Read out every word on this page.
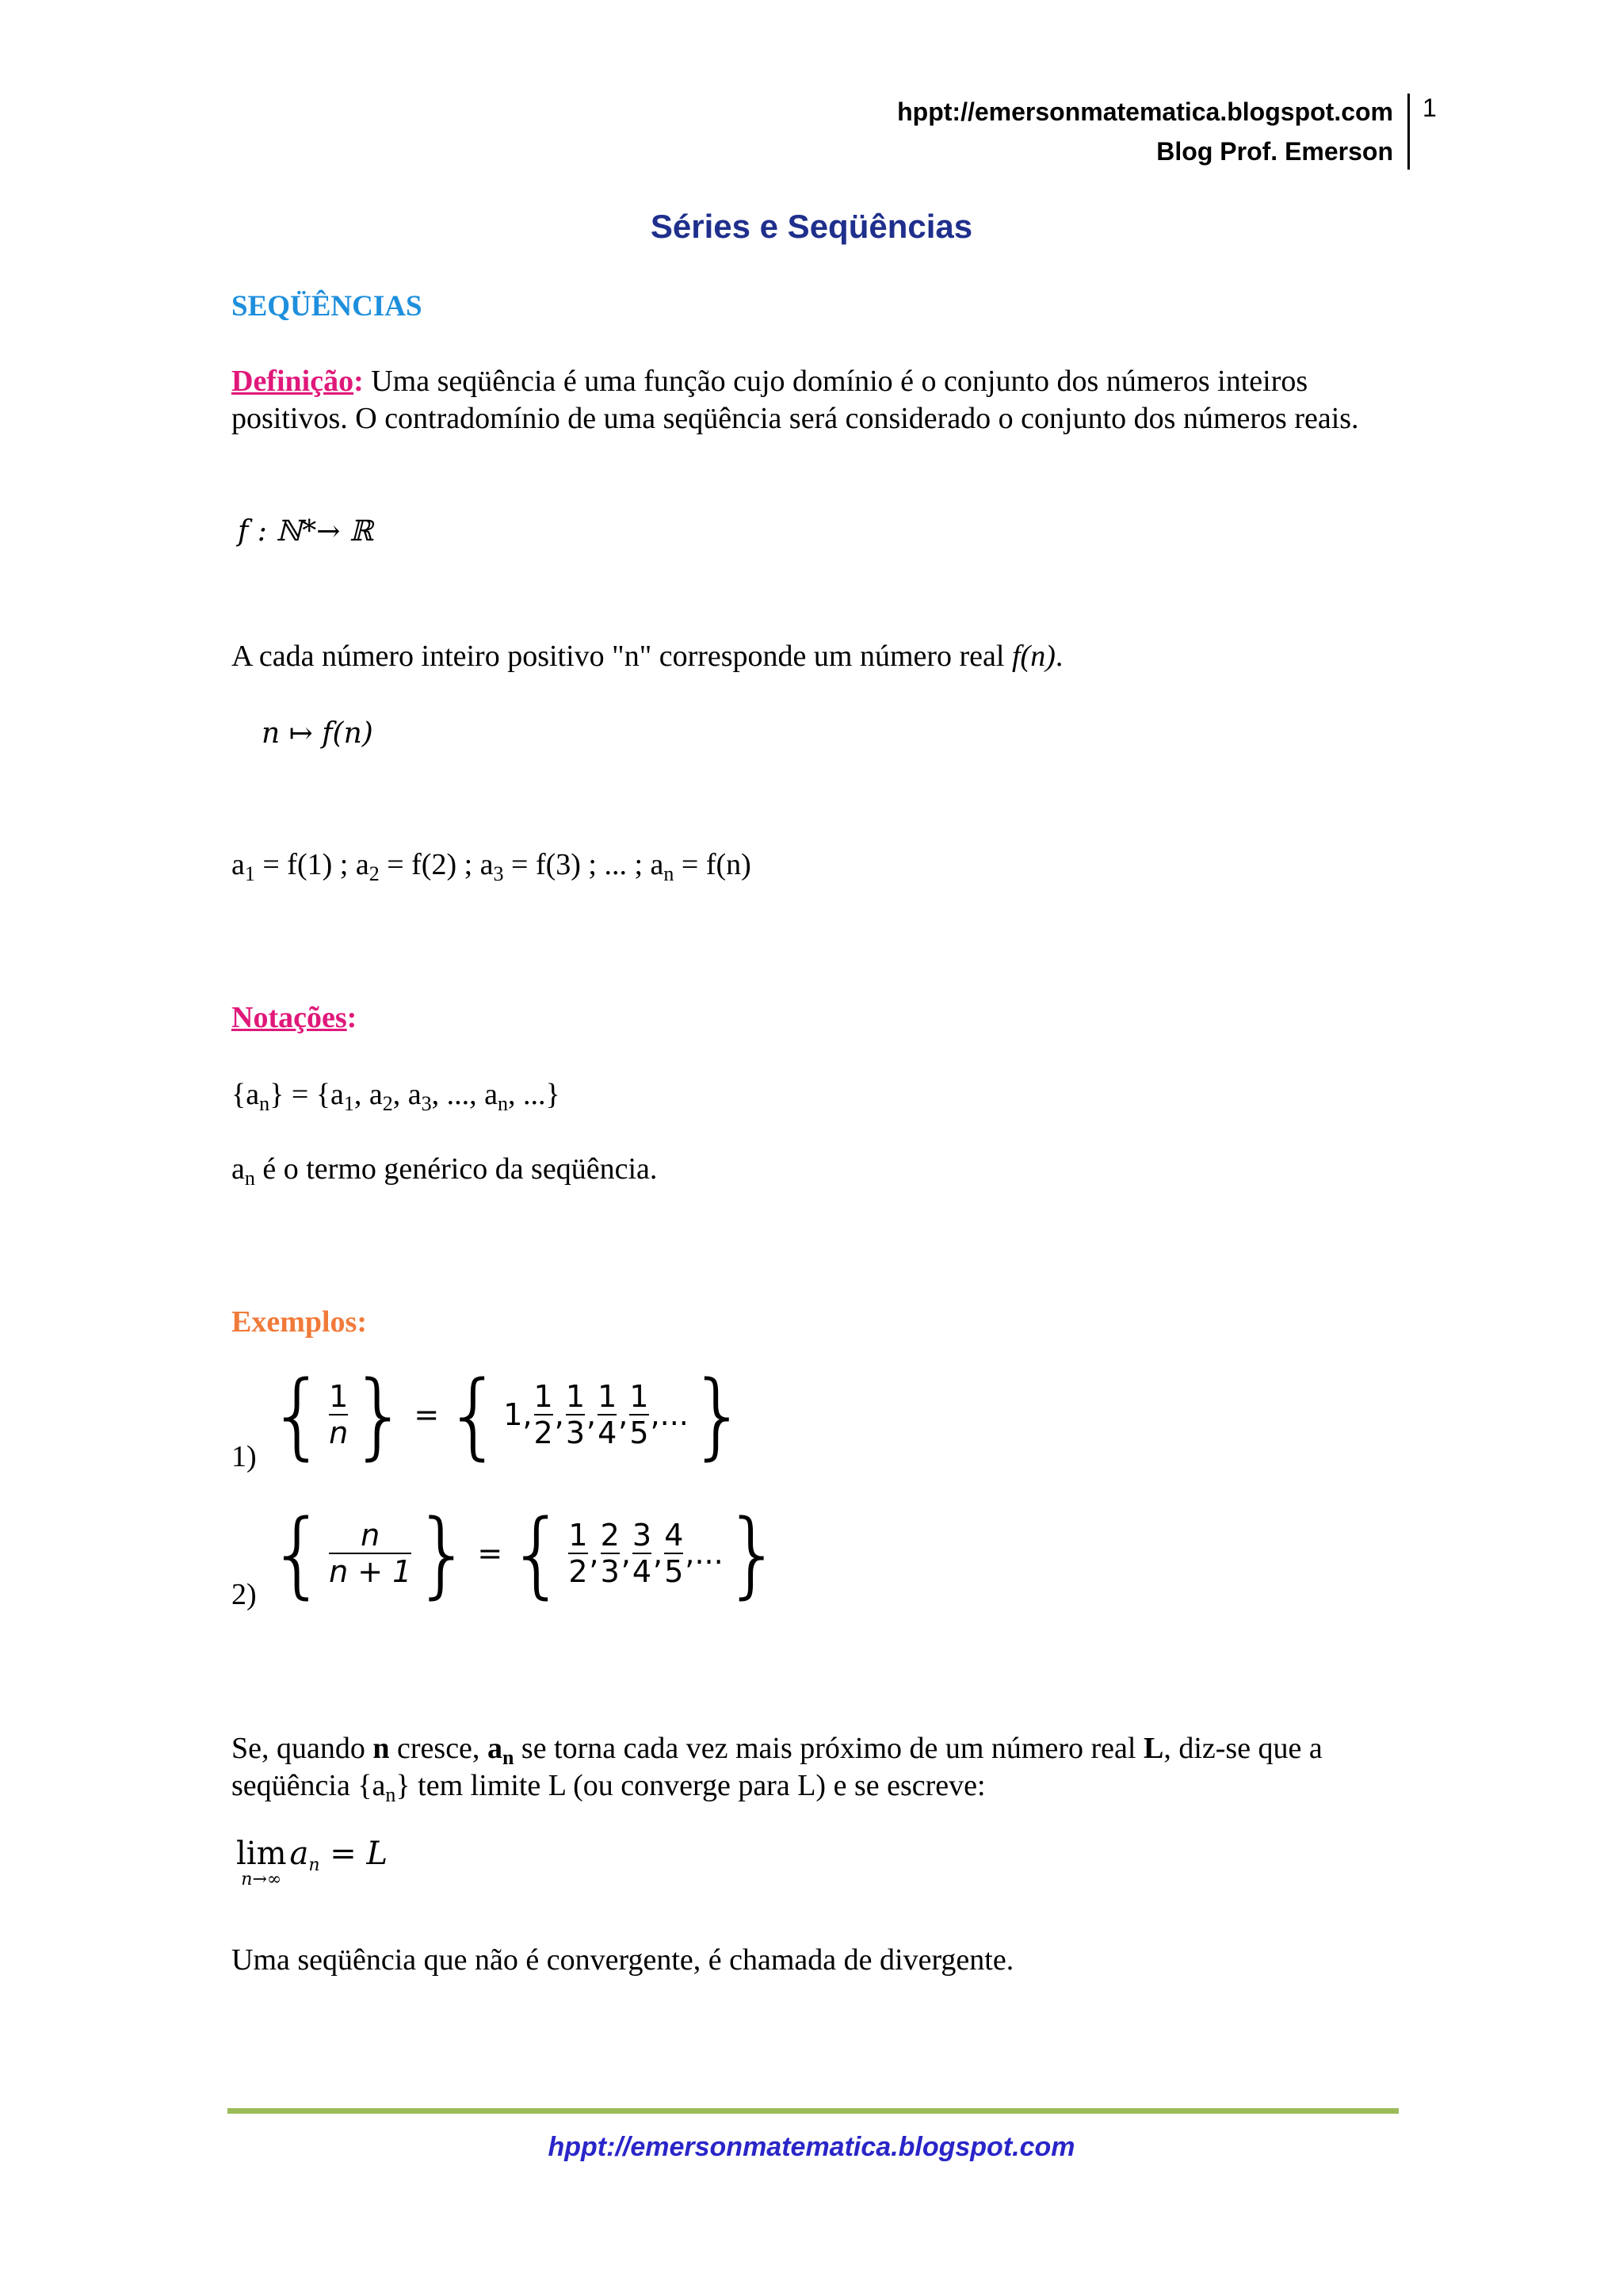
hppt://emersonmatematica.blogspot.com
Blog Prof. Emerson
1
Séries e Seqüências
SEQÜÊNCIAS
Definição: Uma seqüência é uma função cujo domínio é o conjunto dos números inteiros positivos. O contradomínio de uma seqüência será considerado o conjunto dos números reais.
f : ℕ*→ ℝ
A cada número inteiro positivo "n" corresponde um número real f(n).
n ↦ f(n)
$a_1 = f(1)$ ; $a_2 = f(2)$ ; $a_3 = f(3)$ ; ... ; $a_n = f(n)$
Notações:
$\{a_n\} = \{a_1$, $a_2$, $a_3$, ..., $a_n$, ...}
$a_n$ é o termo genérico da seqüência.
Exemplos:
1) { $\frac{1}{n}$ } ={1, $\frac{1}{2}$ , $\frac{1}{3}$ , $\frac{1}{4}$ , $\frac{1}{5}$ ,...}
2) { $\frac{n}{n + 1}$ } ={ $\frac{1}{2}$ , $\frac{2}{3}$ , $\frac{3}{4}$ , $\frac{4}{5}$ ,...}
Se, quando n cresce, $a_n$ se torna cada vez mais próximo de um número real L, diz-se que a seqüência $\{a_n\}$ tem limite L (ou converge para L) e se escreve:
lim
n→∞
$a_n = L$
Uma seqüência que não é convergente, é chamada de divergente.
hppt://emersonmatematica.blogspot.com
